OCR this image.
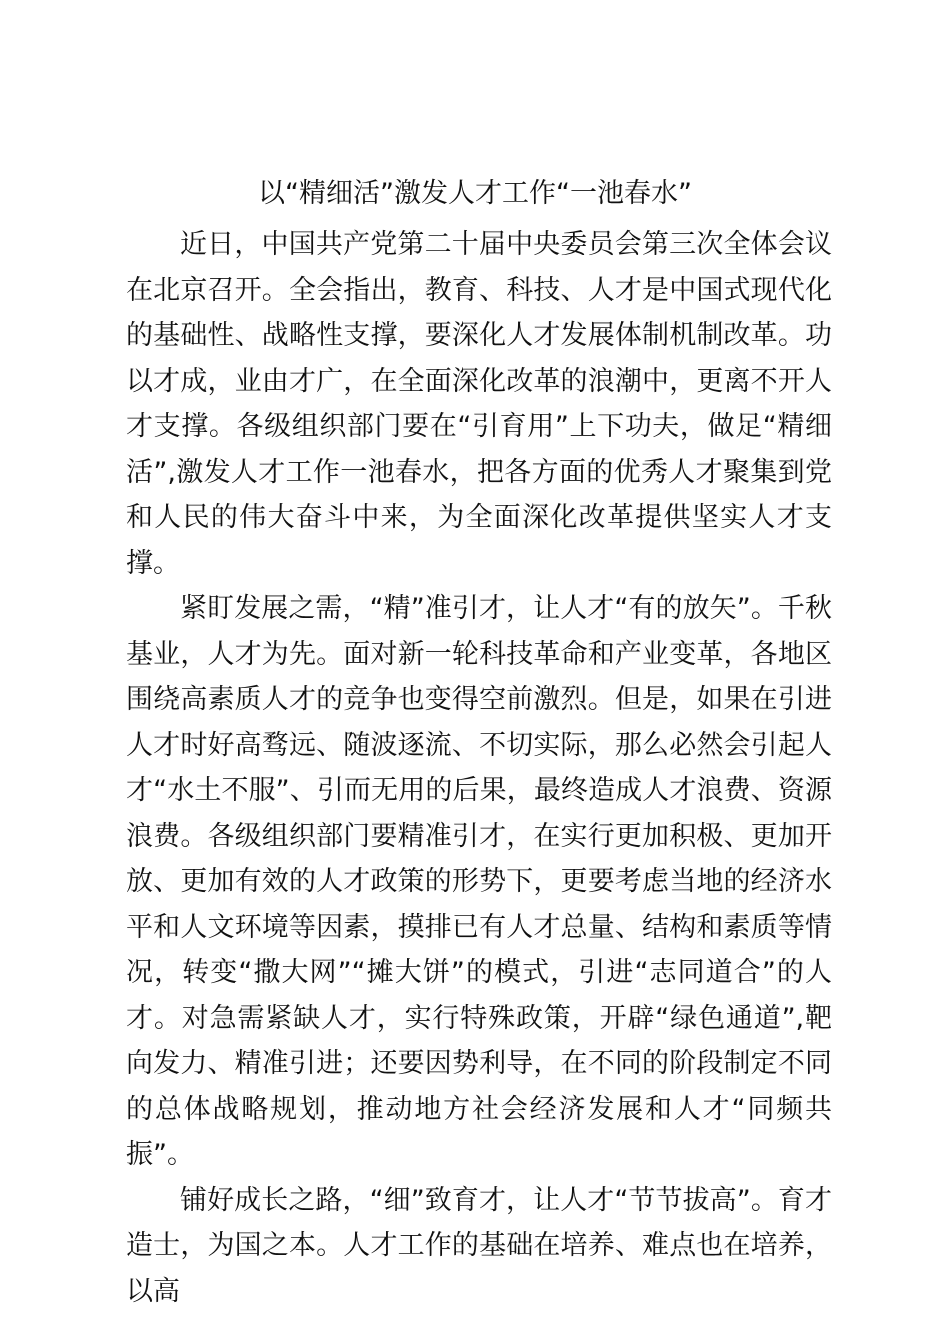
以“精细活”激发人才工作“一池春水”

近日，中国共产党第二十届中央委员会第三次全体会议在北京召开。全会指出，教育、科技、人才是中国式现代化的基础性、战略性支撑，要深化人才发展体制机制改革。功以才成，业由才广，在全面深化改革的浪潮中，更离不开人才支撑。各级组织部门要在“引育用”上下功夫，做足“精细活”,激发人才工作一池春水，把各方面的优秀人才聚集到党和人民的伟大奋斗中来，为全面深化改革提供坚实人才支撑。

紧盯发展之需，“精”准引才，让人才“有的放矢”。千秋基业，人才为先。面对新一轮科技革命和产业变革，各地区围绕高素质人才的竞争也变得空前激烈。但是，如果在引进人才时好高骛远、随波逐流、不切实际，那么必然会引起人才“水土不服”、引而无用的后果，最终造成人才浪费、资源浪费。各级组织部门要精准引才，在实行更加积极、更加开放、更加有效的人才政策的形势下，更要考虑当地的经济水平和人文环境等因素，摸排已有人才总量、结构和素质等情况，转变“撒大网”“摊大饼”的模式，引进“志同道合”的人才。对急需紧缺人才，实行特殊政策，开辟“绿色通道”,靶向发力、精准引进；还要因势利导，在不同的阶段制定不同的总体战略规划，推动地方社会经济发展和人才“同频共振”。

铺好成长之路，“细”致育才，让人才“节节拔高”。育才造士，为国之本。人才工作的基础在培养、难点也在培养，以高
